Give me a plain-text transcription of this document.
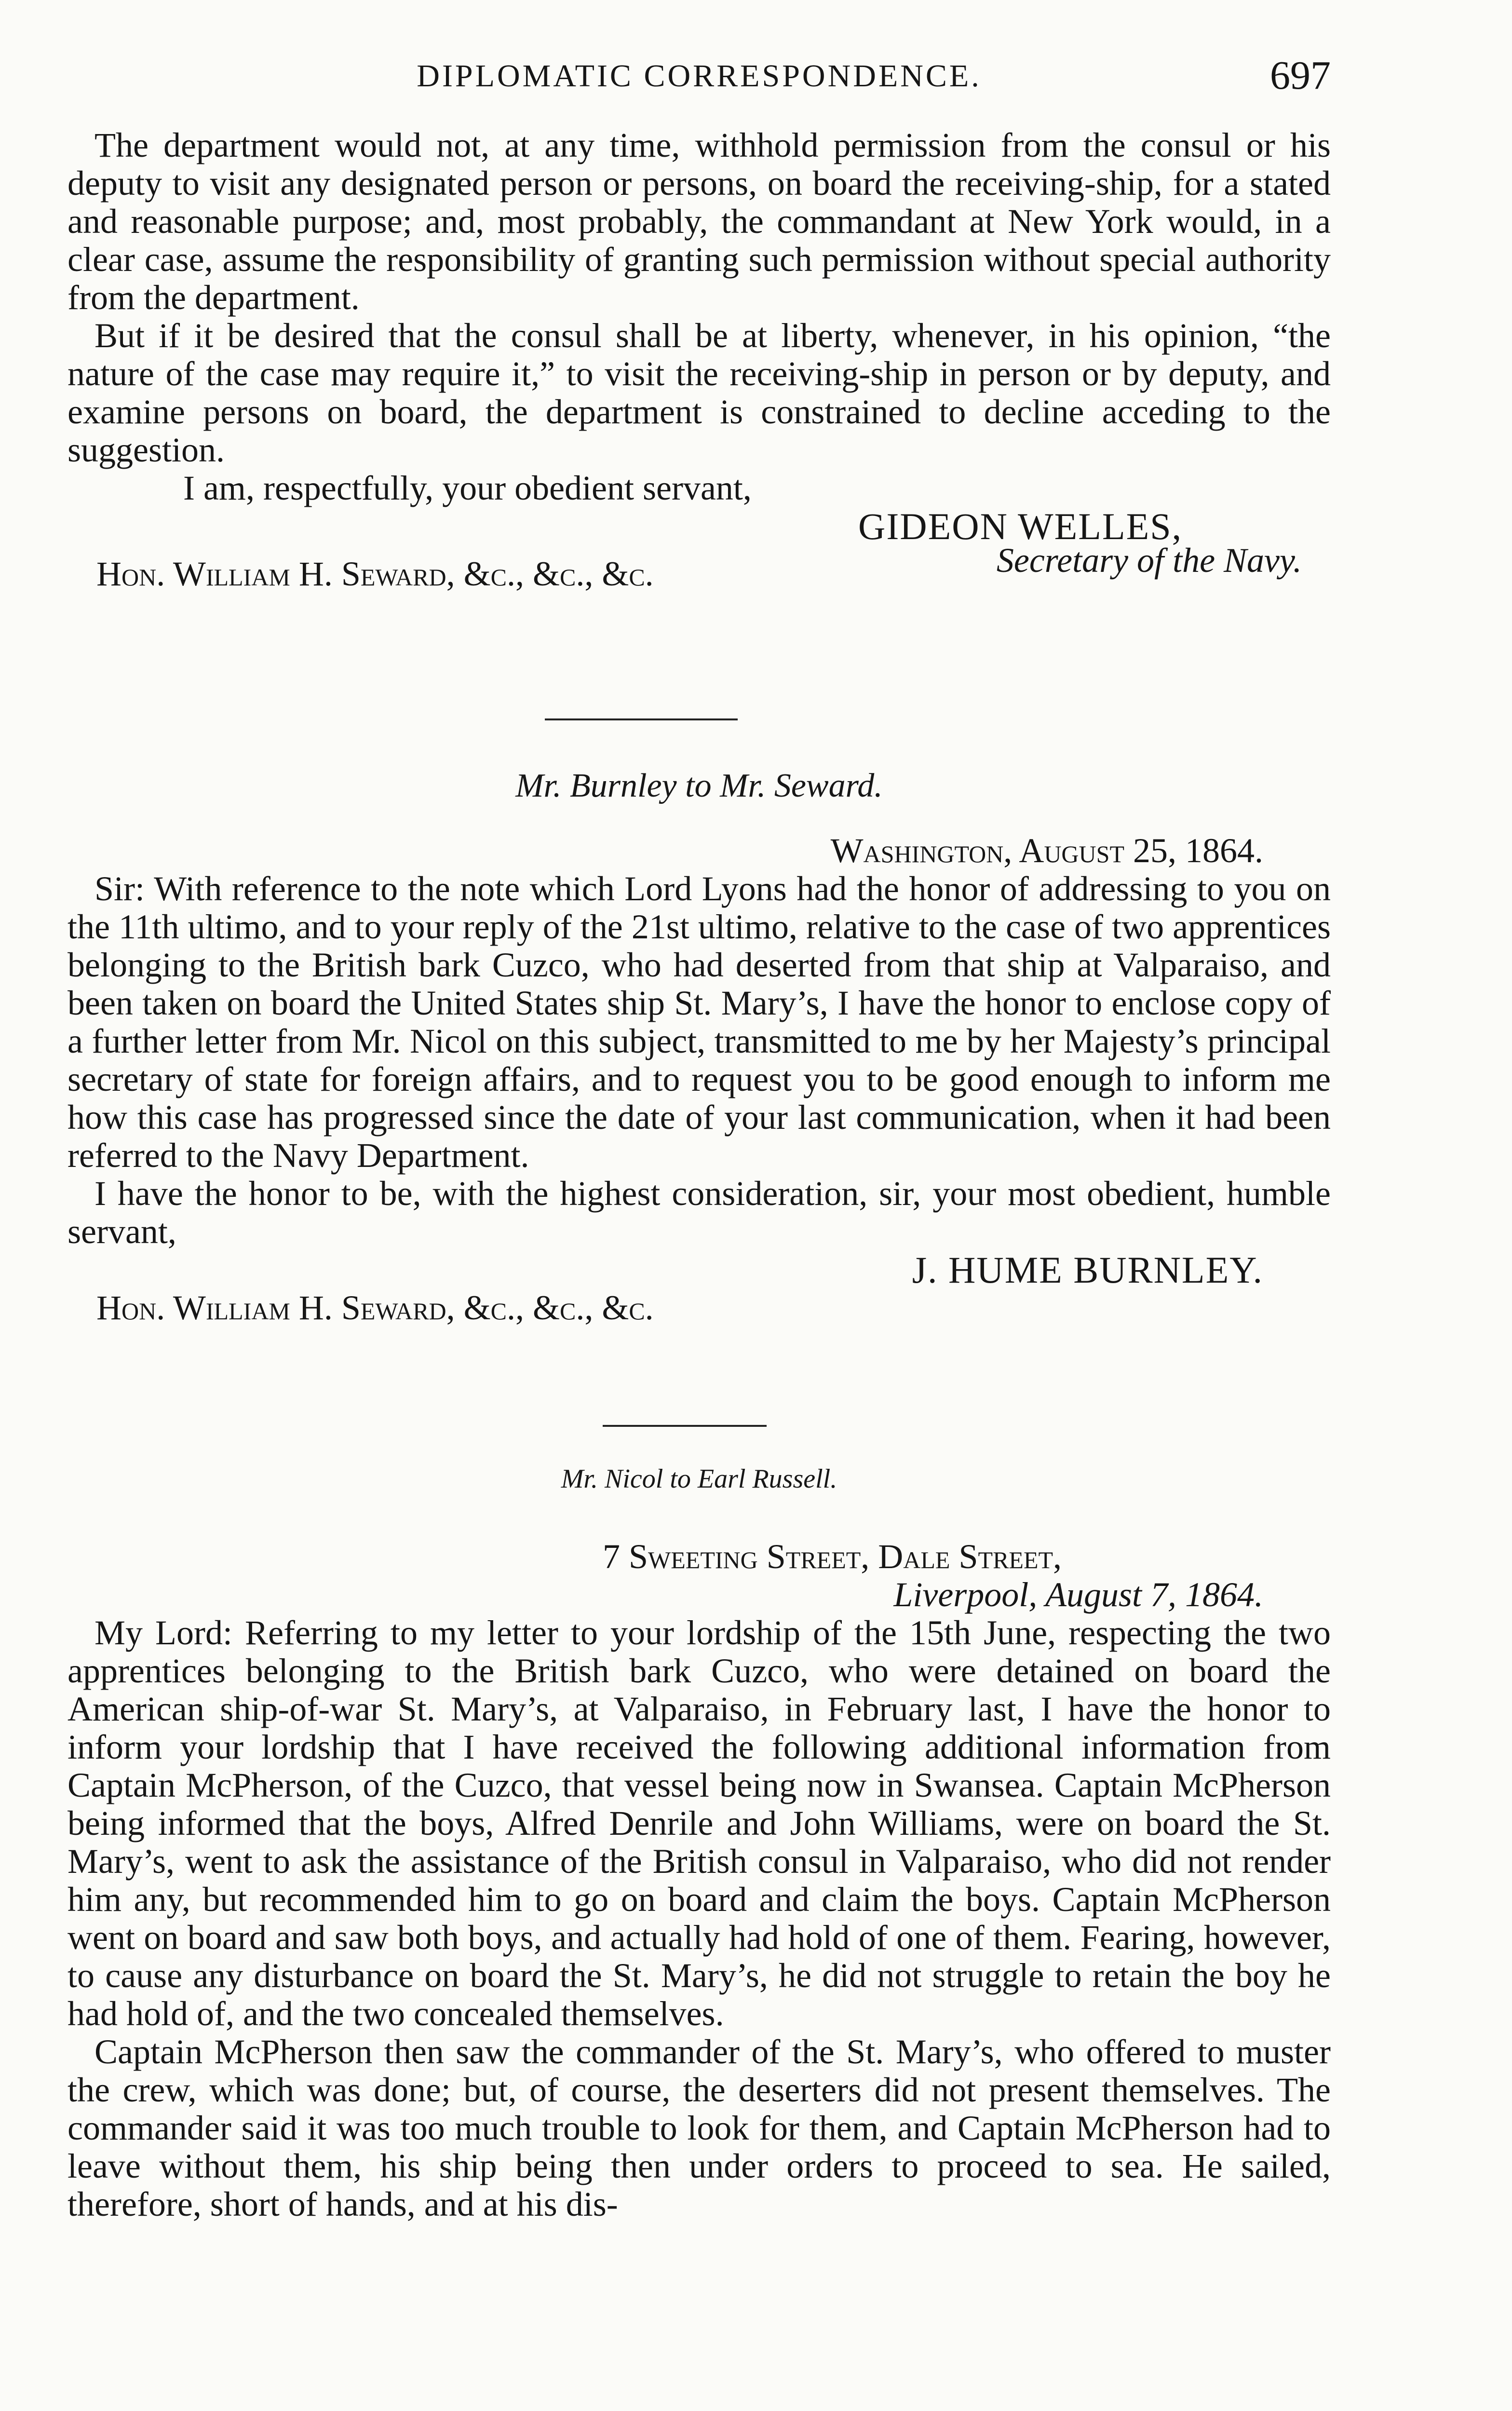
DIPLOMATIC CORRESPONDENCE.	697

The department would not, at any time, withhold permission from the consul or his deputy to visit any designated person or persons, on board the receiving-ship, for a stated and reasonable purpose; and, most probably, the commandant at New York would, in a clear case, assume the responsibility of granting such permission without special authority from the department.

But if it be desired that the consul shall be at liberty, whenever, in his opinion, “the nature of the case may require it,” to visit the receiving-ship in person or by deputy, and examine persons on board, the department is constrained to decline acceding to the suggestion.

I am, respectfully, your obedient servant,
GIDEON WELLES,
Hon. William H. Seward, &c., &c., &c.	Secretary of the Navy.
Mr. Burnley to Mr. Seward.
Washington, August 25, 1864.

Sir: With reference to the note which Lord Lyons had the honor of addressing to you on the 11th ultimo, and to your reply of the 21st ultimo, relative to the case of two apprentices belonging to the British bark Cuzco, who had deserted from that ship at Valparaiso, and been taken on board the United States ship St. Mary’s, I have the honor to enclose copy of a further letter from Mr. Nicol on this subject, transmitted to me by her Majesty’s principal secretary of state for foreign affairs, and to request you to be good enough to inform me how this case has progressed since the date of your last communication, when it had been referred to the Navy Department.

I have the honor to be, with the highest consideration, sir, your most obedient, humble servant,

J. HUME BURNLEY.
Hon. William H. Seward, &c., &c., &c.
Mr. Nicol to Earl Russell.
7 Sweeting Street, Dale Street,
Liverpool, August 7, 1864.

My Lord: Referring to my letter to your lordship of the 15th June, respecting the two apprentices belonging to the British bark Cuzco, who were detained on board the American ship-of-war St. Mary’s, at Valparaiso, in February last, I have the honor to inform your lordship that I have received the following additional information from Captain McPherson, of the Cuzco, that vessel being now in Swansea. Captain McPherson being informed that the boys, Alfred Denrile and John Williams, were on board the St. Mary’s, went to ask the assistance of the British consul in Valparaiso, who did not render him any, but recommended him to go on board and claim the boys. Captain McPherson went on board and saw both boys, and actually had hold of one of them. Fearing, however, to cause any disturbance on board the St. Mary’s, he did not struggle to retain the boy he had hold of, and the two concealed themselves.

Captain McPherson then saw the commander of the St. Mary’s, who offered to muster the crew, which was done; but, of course, the deserters did not present themselves. The commander said it was too much trouble to look for them, and Captain McPherson had to leave without them, his ship being then under orders to proceed to sea. He sailed, therefore, short of hands, and at his dis-
